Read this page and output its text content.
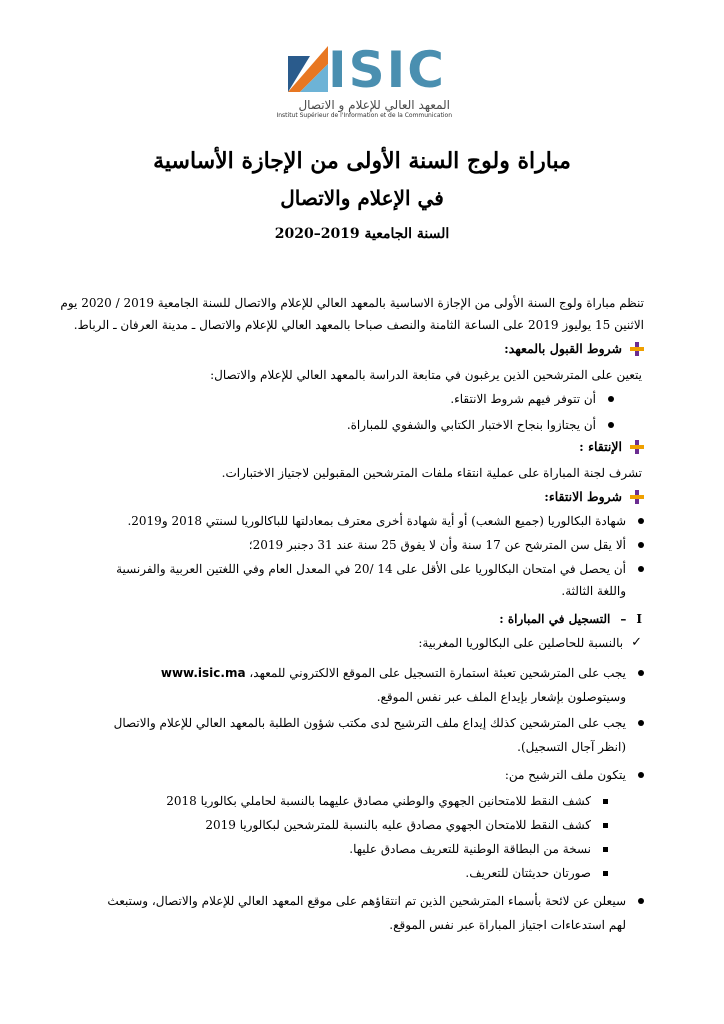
ISIC
المعهد العالي للإعلام و الاتصال
Institut Supérieur de l'Information et de la Communication
مباراة ولوج السنة الأولى من الإجازة الأساسية
في الإعلام والاتصال
السنة الجامعية 2019–2020
تنظم مباراة ولوج السنة الأولى من الإجازة الاساسية بالمعهد العالي للإعلام والاتصال للسنة الجامعية 2019 / 2020 يوم
الاثنين 15 يوليوز 2019 على الساعة الثامنة والنصف صباحا بالمعهد العالي للإعلام والاتصال ـ مدينة العرفان ـ الرباط.
شروط القبول بالمعهد:
يتعين على المترشحين الذين يرغبون في متابعة الدراسة بالمعهد العالي للإعلام والاتصال:
أن تتوفر فيهم شروط الانتقاء.
أن يجتازوا بنجاح الاختبار الكتابي والشفوي للمباراة.
الإنتقاء :
تشرف لجنة المباراة على عملية انتقاء ملفات المترشحين المقبولين لاجتياز الاختبارات.
شروط الانتقاء:
شهادة البكالوريا (جميع الشعب) أو أية شهادة أخرى معترف بمعادلتها للباكالوريا لسنتي 2018 و2019.
ألا يقل سن المترشح عن 17 سنة وأن لا يفوق 25 سنة عند 31 دجنبر 2019؛
أن يحصل في امتحان البكالوريا على الأقل على 14 /20 في المعدل العام وفي اللغتين العربية والفرنسية
واللغة الثالثة.
I
–
التسجيل في المباراة :
✓
بالنسبة للحاصلين على البكالوريا المغربية:
يجب على المترشحين تعبئة استمارة التسجيل على الموقع الالكتروني للمعهد، www.isic.ma
وسيتوصلون بإشعار بإيداع الملف عبر نفس الموقع.
يجب على المترشحين كذلك إيداع ملف الترشيح لدى مكتب شؤون الطلبة بالمعهد العالي للإعلام والاتصال
(انظر آجال التسجيل).
يتكون ملف الترشيح من:
كشف النقط للامتحانين الجهوي والوطني مصادق عليهما بالنسبة لحاملي بكالوريا 2018
كشف النقط للامتحان الجهوي مصادق عليه بالنسبة للمترشحين لبكالوريا 2019
نسخة من البطاقة الوطنية للتعريف مصادق عليها.
صورتان حديثتان للتعريف.
سيعلن عن لائحة بأسماء المترشحين الذين تم انتقاؤهم على موقع المعهد العالي للإعلام والاتصال، وستبعث
لهم استدعاءات اجتياز المباراة عبر نفس الموقع.
